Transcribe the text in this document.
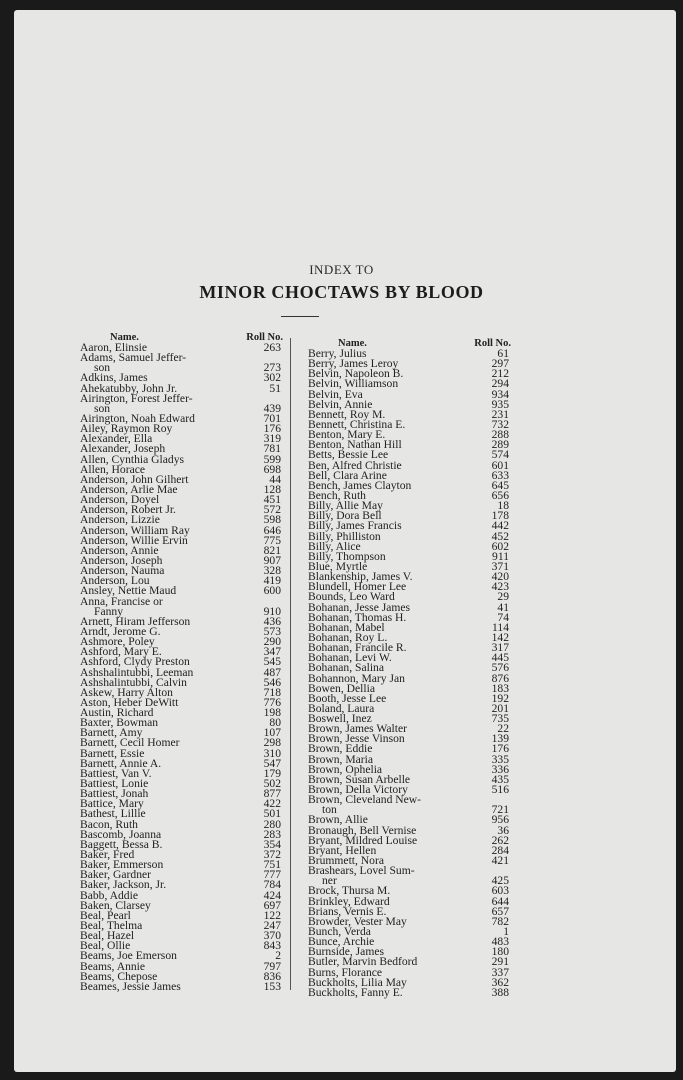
INDEX TO
MINOR CHOCTAWS BY BLOOD
Name.	Roll No.
Aaron, Elinsie	263
Adams, Samuel Jeffer-
son	273
Adkins, James	302
Ahekatubby, John Jr.	51
Airington, Forest Jeffer-
son	439
Airington, Noah Edward	701
Ailey, Raymon Roy	176
Alexander, Ella	319
Alexander, Joseph	781
Allen, Cynthia Gladys	599
Allen, Horace	698
Anderson, John Gilhert	44
Anderson, Arlie Mae	128
Anderson, Doyel	451
Anderson, Robert Jr.	572
Anderson, Lizzie	598
Anderson, William Ray	646
Anderson, Willie Ervin	775
Anderson, Annie	821
Anderson, Joseph	907
Anderson, Nauma	328
Anderson, Lou	419
Ansley, Nettie Maud	600
Anna, Francise or
Fanny	910
Arnett, Hiram Jefferson	436
Arndt, Jerome G.	573
Ashmore, Poley	290
Ashford, Mary E.	347
Ashford, Clydy Preston	545
Ashshalintubbi, Leeman	487
Ashshalintubbi, Calvin	546
Askew, Harry Alton	718
Aston, Heber DeWitt	776
Austin, Richard	198
Baxter, Bowman	80
Barnett, Amy	107
Barnett, Cecil Homer	298
Barnett, Essie	310
Barnett, Annie A.	547
Battiest, Van V.	179
Battiest, Lonie	502
Battiest, Jonah	877
Battice, Mary	422
Bathest, Lillie	501
Bacon, Ruth	280
Bascomb, Joanna	283
Baggett, Bessa B.	354
Baker, Fred	372
Baker, Emmerson	751
Baker, Gardner	777
Baker, Jackson, Jr.	784
Babb, Addie	424
Baken, Clarsey	697
Beal, Pearl	122
Beal, Thelma	247
Beal, Hazel	370
Beal, Ollie	843
Beams, Joe Emerson	2
Beams, Annie	797
Beams, Chepose	836
Beames, Jessie James	153
Name.	Roll No.
Berry, Julius	61
Berry, James Leroy	297
Belvin, Napoleon B.	212
Belvin, Williamson	294
Belvin, Eva	934
Belvin, Annie	935
Bennett, Roy M.	231
Bennett, Christina E.	732
Benton, Mary E.	288
Benton, Nathan Hill	289
Betts, Bessie Lee	574
Ben, Alfred Christie	601
Bell, Clara Arine	633
Bench, James Clayton	645
Bench, Ruth	656
Billy, Allie May	18
Billy, Dora Bell	178
Billy, James Francis	442
Billy, Philliston	452
Billy, Alice	602
Billy, Thompson	911
Blue, Myrtle	371
Blankenship, James V.	420
Blundell, Homer Lee	423
Bounds, Leo Ward	29
Bohanan, Jesse James	41
Bohanan, Thomas H.	74
Bohanan, Mabel	114
Bohanan, Roy L.	142
Bohanan, Francile R.	317
Bohanan, Levi W.	445
Bohanan, Salina	576
Bohannon, Mary Jan	876
Bowen, Dellia	183
Booth, Jesse Lee	192
Boland, Laura	201
Boswell, Inez	735
Brown, James Walter	22
Brown, Jesse Vinson	139
Brown, Eddie	176
Brown, Maria	335
Brown, Ophelia	336
Brown, Susan Arbelle	435
Brown, Della Victory	516
Brown, Cleveland New-
ton	721
Brown, Allie	956
Bronaugh, Bell Vernise	36
Bryant, Mildred Louise	262
Bryant, Hellen	284
Brummett, Nora	421
Brashears, Lovel Sum-
ner	425
Brock, Thursa M.	603
Brinkley, Edward	644
Brians, Vernis E.	657
Browder, Vester May	782
Bunch, Verda	1
Bunce, Archie	483
Burnside, James	180
Butler, Marvin Bedford	291
Burns, Florance	337
Buckholts, Lilia May	362
Buckholts, Fanny E.	388
